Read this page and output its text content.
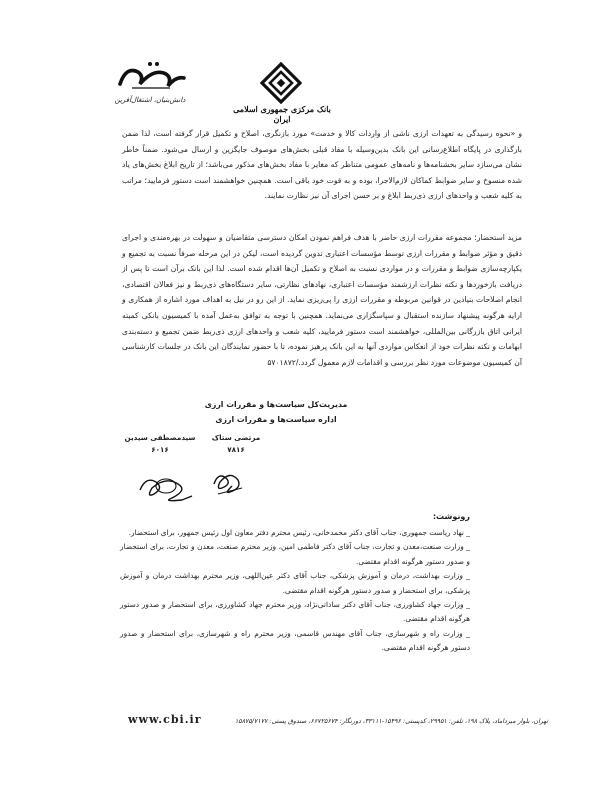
بانک مرکزی جمهوری اسلامی ایران
دانش‌بنیان، اشتغال‌آفرین

و «نحوه رسیدگی به تعهدات ارزی ناشی از واردات کالا و خدمت» مورد بازنگری، اصلاح و تکمیل قرار گرفته است، لذا ضمن بارگذاری در پایگاه اطلاع‌رسانی این بانک بدین‌وسیله با مفاد قبلی بخش‌های موصوف جایگزین و ارسال می‌شود. ضمناً خاطر نشان می‌سازد سایر بخشنامه‌ها و نامه‌های عمومی متناظر که مغایر با مفاد بخش‌های مذکور می‌باشد؛ از تاریخ ابلاغ بخش‌های یاد شده منسوخ و سایر ضوابط کماکان لازم‌الاجرا، بوده و به قوت خود باقی است. همچنین خواهشمند است دستور فرمایید؛ مراتب به کلیه شعب و واحدهای ارزی ذی‌ربط ابلاغ و بر حسن اجرای آن نیز نظارت نمایند.

مزید استحضار؛ مجموعه مقررات ارزی حاضر با هدف فراهم نمودن امکان دسترسی متقاضیان و سهولت در بهره‌مندی و اجرای دقیق و مؤثر ضوابط و مقررات ارزی توسط مؤسسات اعتباری تدوین گردیده است، لیکن در این مرحله صرفاً نسبت به تجمیع و یکپارچه‌سازی ضوابط و مقررات و در مواردی نسبت به اصلاح و تکمیل آن‌ها اقدام شده است. لذا این بانک برآن است تا پس از دریافت بازخوردها و نکته نظرات ارزشمند مؤسسات اعتباری، نهادهای نظارتی، سایر دستگاه‌های ذی‌ربط و نیز فعالان اقتصادی، انجام اصلاحات بنیادین در قوانین مربوطه و مقررات ارزی را پی‌ریزی نماید. از این رو در نیل به اهداف مورد اشاره از همکاری و ارایه هرگونه پیشنهاد سازنده استقبال و سپاسگزاری می‌نماید. همچنین با توجه به توافق به‌عمل آمده با کمیسیون بانکی کمیته ایرانی اتاق بازرگانی بین‌المللی، خواهشمند است دستور فرمایید، کلیه شعب و واحدهای ارزی ذی‌ربط ضمن تجمیع و دسته‌بندی ابهامات و نکته نظرات خود از انعکاس مواردی آنها به این بانک پرهیز نموده، تا با حضور نمایندگان این بانک در جلسات کارشناسی آن کمیسیون موضوعات مورد نظر بررسی و اقدامات لازم معمول گردد./۵۷۰۱۸۷۲

مدیریت‌کل سیاست‌ها و مقررات ارزی
اداره سیاست‌ها و مقررات ارزی
مرتضی ستاک
۷۸۱۶
سیدمصطفی سیدین
۶۰۱۶
رونوشت:

_ نهاد ریاست جمهوری، جناب آقای دکتر محمدخانی، رئیس محترم دفتر معاون اول رئیس جمهور، برای استحضار.

_ وزارت صنعت،معدن و تجارت، جناب آقای دکتر فاطمی امین، وزیر محترم صنعت، معدن و تجارت، برای استحضار و صدور دستور هرگونه اقدام مقتضی.

_ وزارت بهداشت، درمان و آموزش پزشکی، جناب آقای دکتر عین‌اللهی، وزیر محترم بهداشت درمان و آموزش پزشکی، برای استحضار و صدور دستور هرگونه اقدام مقتضی.

_ وزارت جهاد کشاورزی، جناب آقای دکتر ساداتی‌نژاد، وزیر محترم جهاد کشاورزی، برای استحضار و صدور دستور هرگونه اقدام مقتضی.

_ وزارت راه و شهرسازی، جناب آقای مهندس قاسمی، وزیر محترم راه و شهرسازی، برای استحضار و صدور دستور هرگونه اقدام مقتضی.

www.cbi.ir	تهران، بلوار میرداماد، پلاک ۱۹۸، تلفن: ۲۹۹۵۱، کدپستی: ۱۵۴۹۶-۳۳۱۱۱، دورنگار: ۶۶۷۲۵۶۷۴، صندوق پستی: ۱۵۸۷۵/۷۱۷۷
